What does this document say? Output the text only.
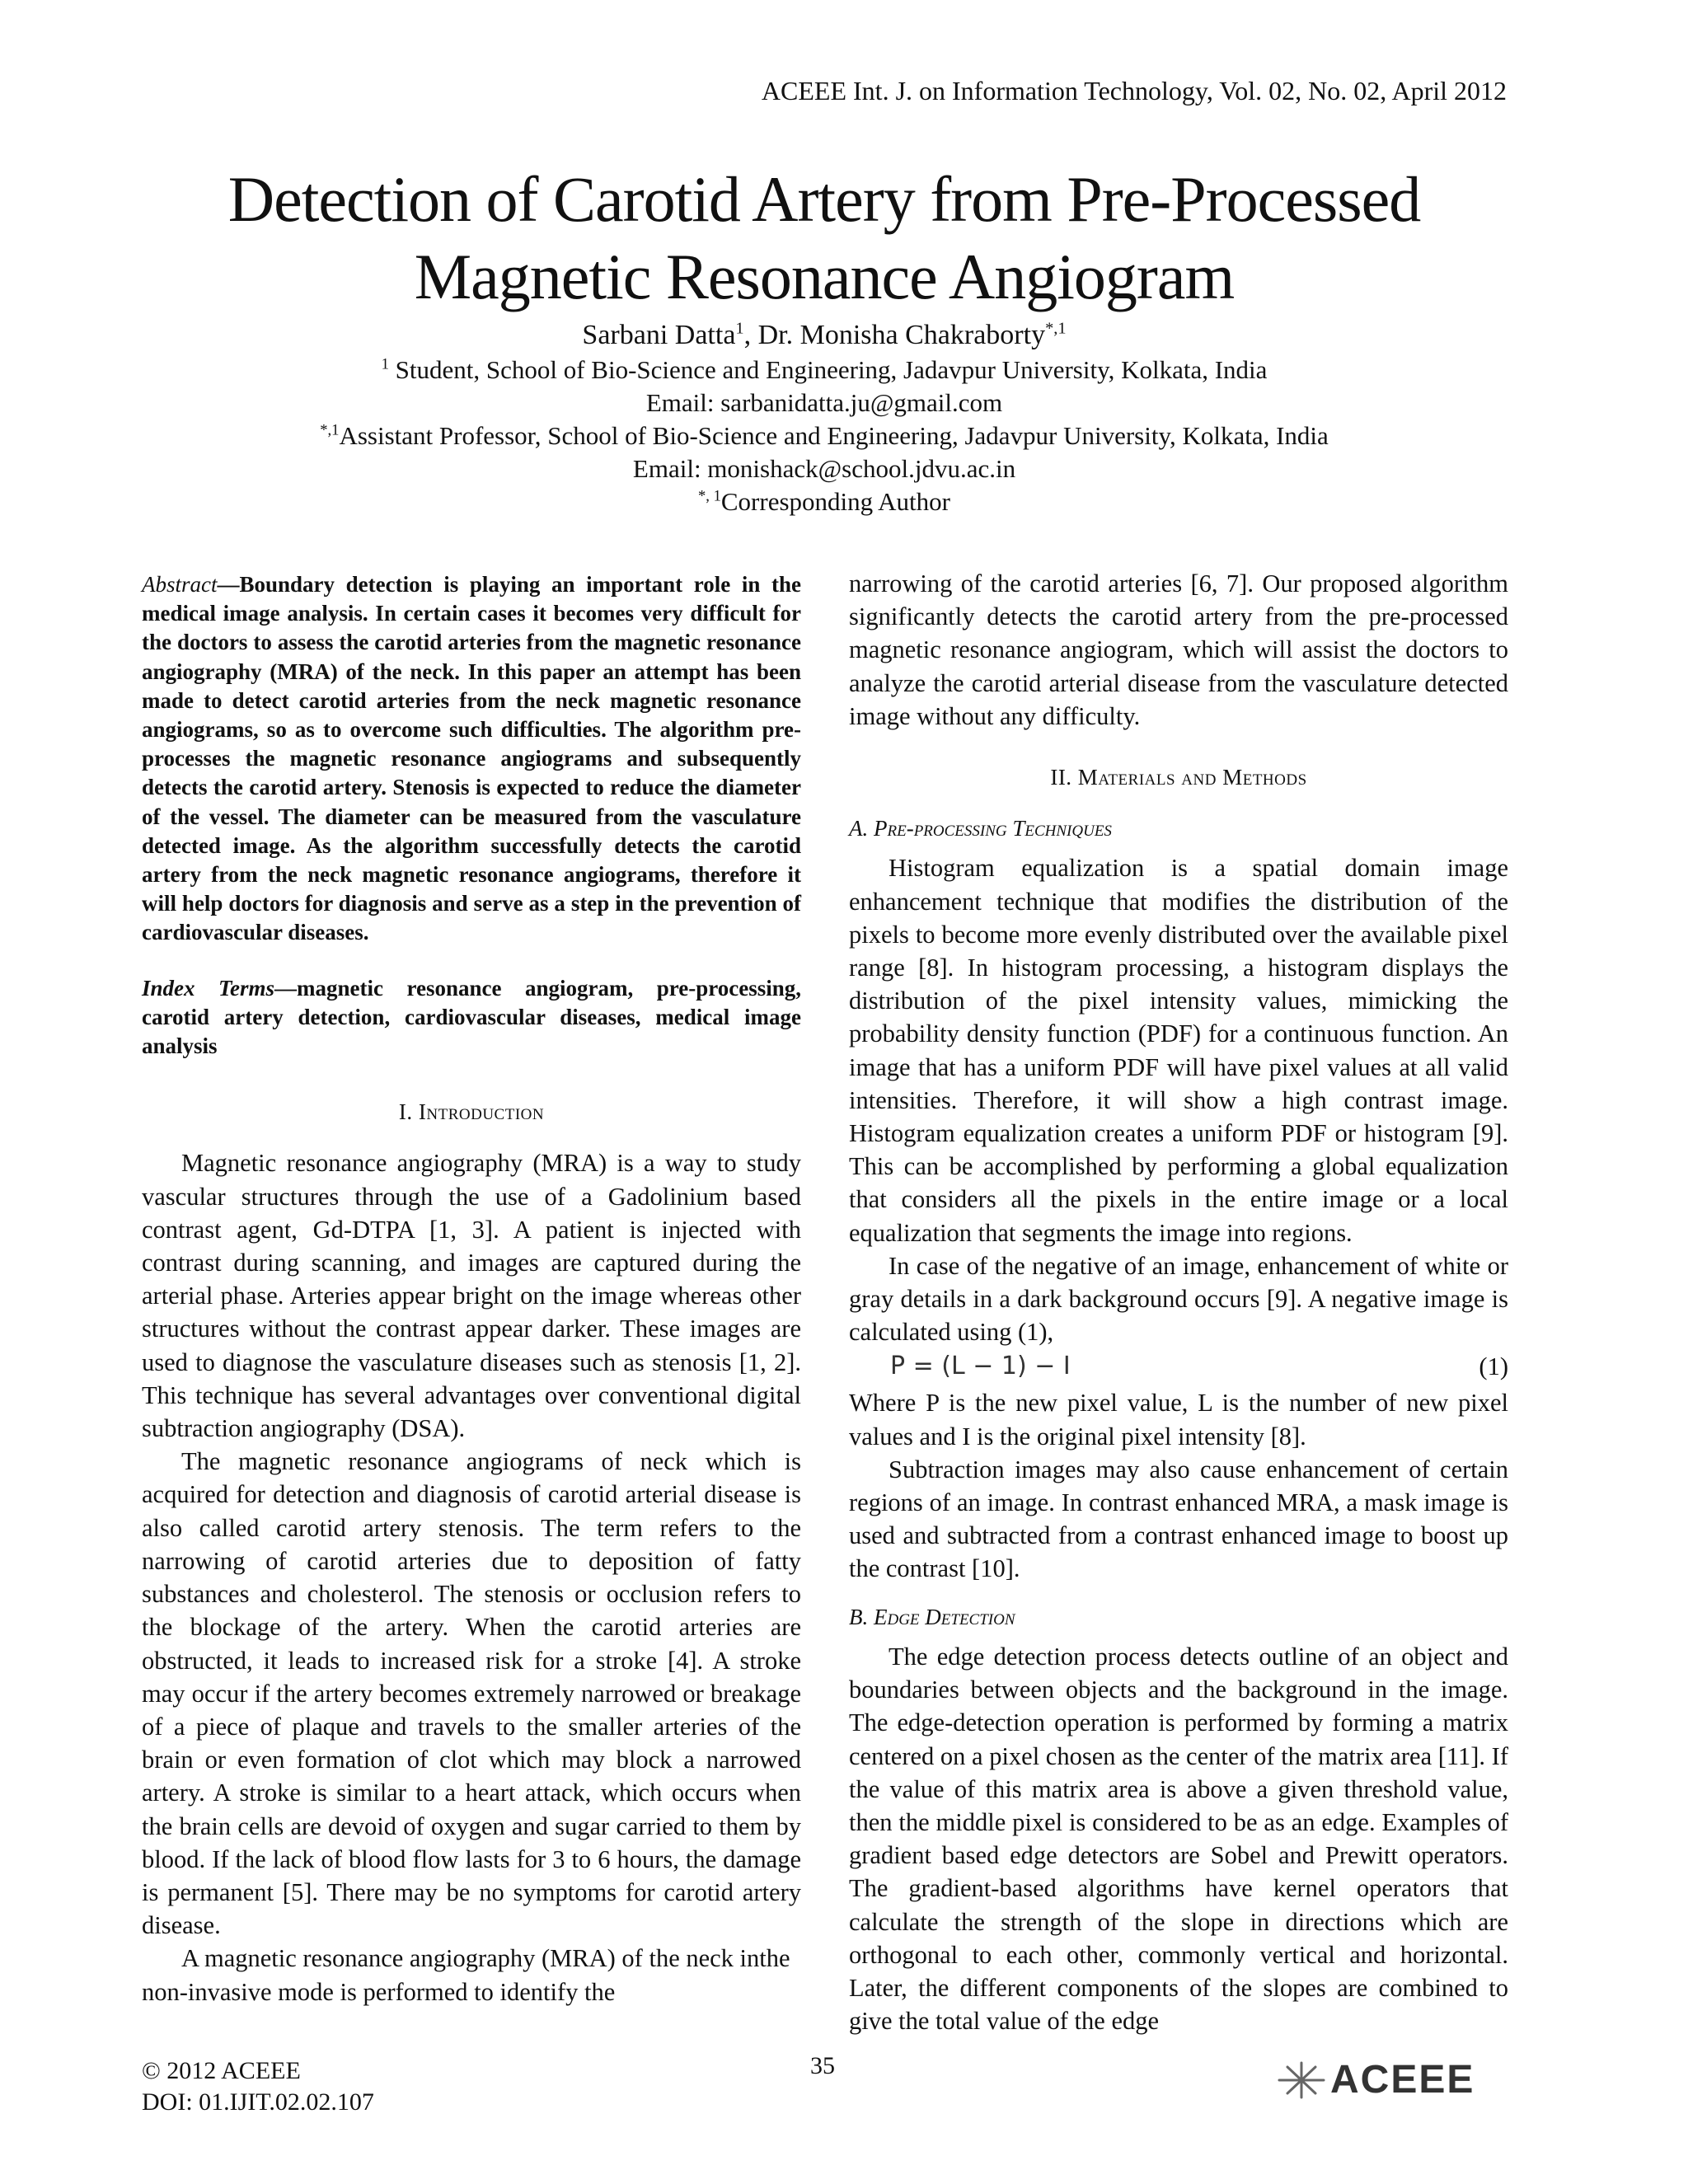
ACEEE Int. J. on Information Technology, Vol. 02, No. 02, April 2012
Detection of Carotid Artery from Pre-Processed
Magnetic Resonance Angiogram
Sarbani Datta$^1$, Dr. Monisha Chakraborty$^{*,1}$
$^1$ Student, School of Bio-Science and Engineering, Jadavpur University, Kolkata, India
Email: sarbanidatta.ju@gmail.com
$^{*,1}$Assistant Professor, School of Bio-Science and Engineering, Jadavpur University, Kolkata, India
Email: monishack@school.jdvu.ac.in
$^{*, 1}$Corresponding Author
Abstract—Boundary detection is playing an important role in the medical image analysis. In certain cases it becomes very difficult for the doctors to assess the carotid arteries from the magnetic resonance angiography (MRA) of the neck. In this paper an attempt has been made to detect carotid arteries from the neck magnetic resonance angiograms, so as to overcome such difficulties. The algorithm pre-processes the magnetic resonance angiograms and subsequently detects the carotid artery. Stenosis is expected to reduce the diameter of the vessel. The diameter can be measured from the vasculature detected image. As the algorithm successfully detects the carotid artery from the neck magnetic resonance angiograms, therefore it will help doctors for diagnosis and serve as a step in the prevention of cardiovascular diseases.
Index Terms—magnetic resonance angiogram, pre-processing, carotid artery detection, cardiovascular diseases, medical image analysis
I. Introduction

Magnetic resonance angiography (MRA) is a way to study vascular structures through the use of a Gadolinium based contrast agent, Gd-DTPA [1, 3]. A patient is injected with contrast during scanning, and images are captured during the arterial phase. Arteries appear bright on the image whereas other structures without the contrast appear darker. These images are used to diagnose the vasculature diseases such as stenosis [1, 2]. This technique has several advantages over conventional digital subtraction angiography (DSA).

The magnetic resonance angiograms of neck which is acquired for detection and diagnosis of carotid arterial disease is also called carotid artery stenosis. The term refers to the narrowing of carotid arteries due to deposition of fatty substances and cholesterol. The stenosis or occlusion refers to the blockage of the artery. When the carotid arteries are obstructed, it leads to increased risk for a stroke [4]. A stroke may occur if the artery becomes extremely narrowed or breakage of a piece of plaque and travels to the smaller arteries of the brain or even formation of clot which may block a narrowed artery. A stroke is similar to a heart attack, which occurs when the brain cells are devoid of oxygen and sugar carried to them by blood. If the lack of blood flow lasts for 3 to 6 hours, the damage is permanent [5]. There may be no symptoms for carotid artery disease.

A magnetic resonance angiography (MRA) of the neck inthe non-invasive mode is performed to identify the

narrowing of the carotid arteries [6, 7]. Our proposed algorithm significantly detects the carotid artery from the pre-processed magnetic resonance angiogram, which will assist the doctors to analyze the carotid arterial disease from the vasculature detected image without any difficulty.

II. Materials and Methods
A. Pre-processing Techniques

Histogram equalization is a spatial domain image enhancement technique that modifies the distribution of the pixels to become more evenly distributed over the available pixel range [8]. In histogram processing, a histogram displays the distribution of the pixel intensity values, mimicking the probability density function (PDF) for a continuous function. An image that has a uniform PDF will have pixel values at all valid intensities. Therefore, it will show a high contrast image. Histogram equalization creates a uniform PDF or histogram [9]. This can be accomplished by performing a global equalization that considers all the pixels in the entire image or a local equalization that segments the image into regions.

In case of the negative of an image, enhancement of white or gray details in a dark background occurs [9]. A negative image is calculated using (1),

P = (L − 1) − I	(1)

Where P is the new pixel value, L is the number of new pixel values and I is the original pixel intensity [8].

Subtraction images may also cause enhancement of certain regions of an image. In contrast enhanced MRA, a mask image is used and subtracted from a contrast enhanced image to boost up the contrast [10].

B. Edge Detection

The edge detection process detects outline of an object and boundaries between objects and the background in the image. The edge-detection operation is performed by forming a matrix centered on a pixel chosen as the center of the matrix area [11]. If the value of this matrix area is above a given threshold value, then the middle pixel is considered to be as an edge. Examples of gradient based edge detectors are Sobel and Prewitt operators. The gradient-based algorithms have kernel operators that calculate the strength of the slope in directions which are orthogonal to each other, commonly vertical and horizontal. Later, the different components of the slopes are combined to give the total value of the edge

© 2012 ACEEE
DOI: 01.IJIT.02.02.107
35	ACEEE
